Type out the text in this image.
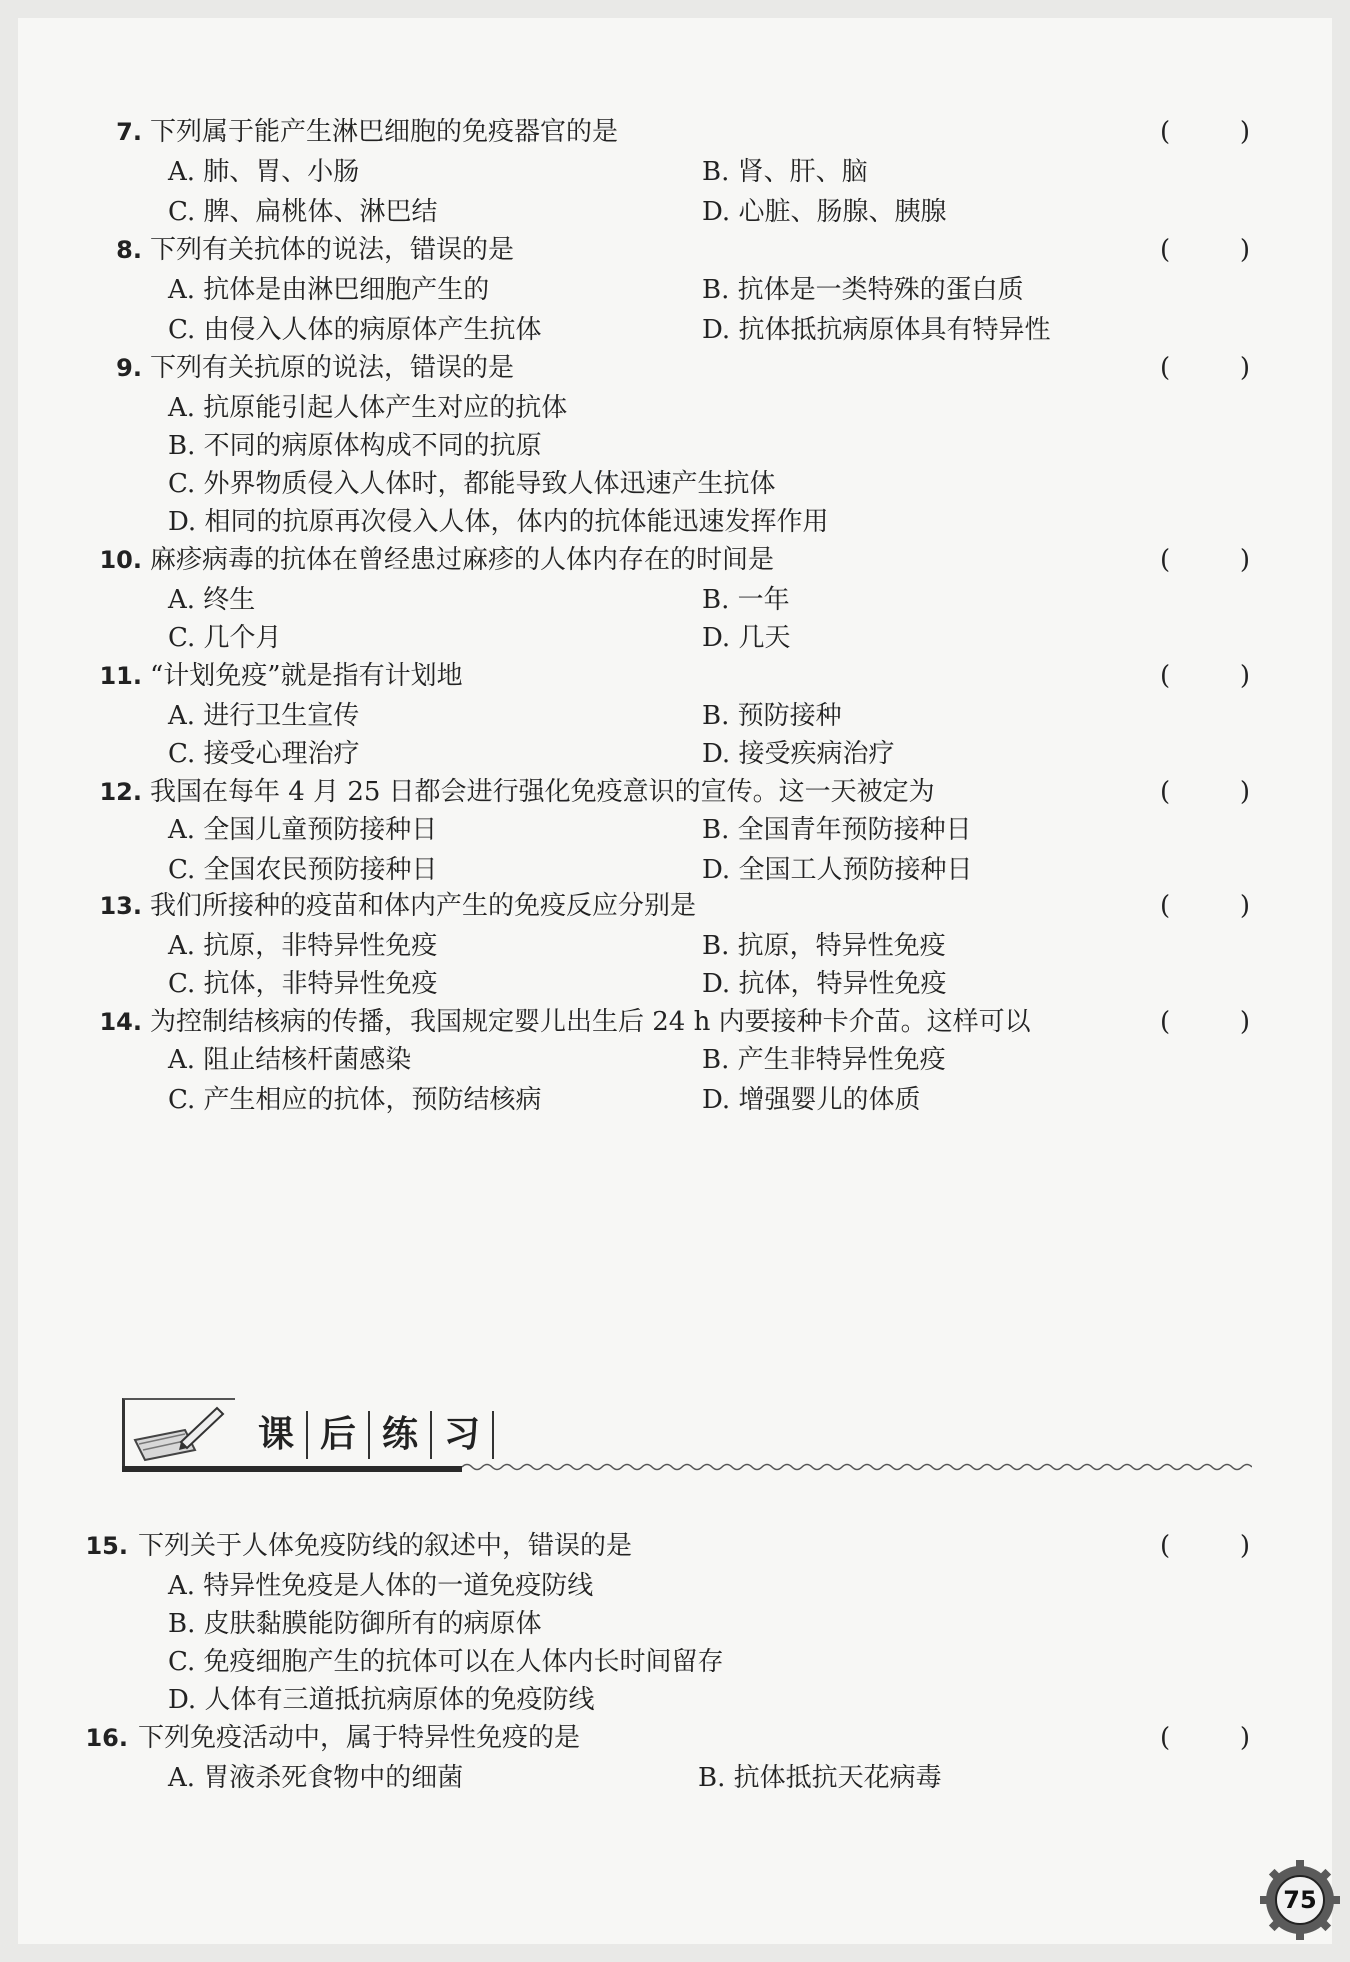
7. 下列属于能产生淋巴细胞的免疫器官的是	(	)
A. 肺、胃、小肠	B. 肾、肝、脑
C. 脾、扁桃体、淋巴结	D. 心脏、肠腺、胰腺
8. 下列有关抗体的说法，错误的是	(	)
A. 抗体是由淋巴细胞产生的	B. 抗体是一类特殊的蛋白质
C. 由侵入人体的病原体产生抗体	D. 抗体抵抗病原体具有特异性
9. 下列有关抗原的说法，错误的是	(	)
A. 抗原能引起人体产生对应的抗体
B. 不同的病原体构成不同的抗原
C. 外界物质侵入人体时，都能导致人体迅速产生抗体
D. 相同的抗原再次侵入人体，体内的抗体能迅速发挥作用
10. 麻疹病毒的抗体在曾经患过麻疹的人体内存在的时间是	(	)
A. 终生	B. 一年
C. 几个月	D. 几天
11. “计划免疫”就是指有计划地	(	)
A. 进行卫生宣传	B. 预防接种
C. 接受心理治疗	D. 接受疾病治疗
12. 我国在每年 4 月 25 日都会进行强化免疫意识的宣传。这一天被定为	(	)
A. 全国儿童预防接种日	B. 全国青年预防接种日
C. 全国农民预防接种日	D. 全国工人预防接种日
13. 我们所接种的疫苗和体内产生的免疫反应分别是	(	)
A. 抗原，非特异性免疫	B. 抗原，特异性免疫
C. 抗体，非特异性免疫	D. 抗体，特异性免疫
14. 为控制结核病的传播，我国规定婴儿出生后 24 h 内要接种卡介苗。这样可以	(	)
A. 阻止结核杆菌感染	B. 产生非特异性免疫
C. 产生相应的抗体，预防结核病	D. 增强婴儿的体质
课 后 练 习
15. 下列关于人体免疫防线的叙述中，错误的是	(	)
A. 特异性免疫是人体的一道免疫防线
B. 皮肤黏膜能防御所有的病原体
C. 免疫细胞产生的抗体可以在人体内长时间留存
D. 人体有三道抵抗病原体的免疫防线
16. 下列免疫活动中，属于特异性免疫的是	(	)
A. 胃液杀死食物中的细菌	B. 抗体抵抗天花病毒
75
